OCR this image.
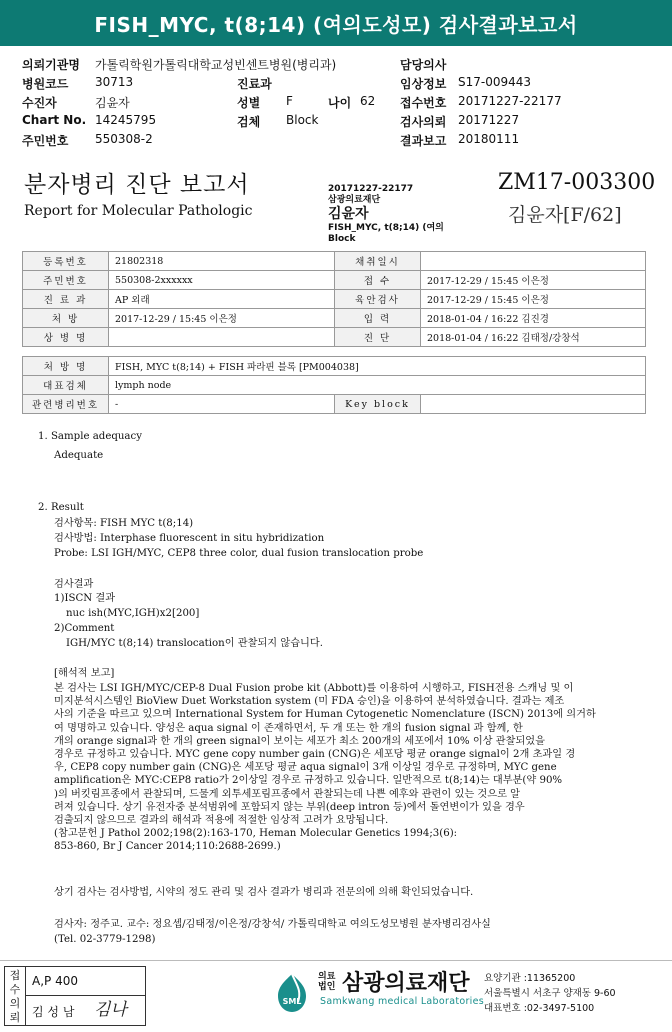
FISH_MYC, t(8;14) (여의도성모) 검사결과보고서
의뢰기관명 가톨릭학원가톨릭대학교성빈센트병원(병리과)	담당의사
병원코드 30713	진료과	임상정보 S17-009443
수진자	김윤자	성별 F	나이 62 접수번호 20171227-22177
Chart No. 14245795	검체 Block	검사의뢰 20171227
주민번호 550308-2	결과보고 20180111
분자병리 진단 보고서
Report for Molecular Pathologic
20171227-22177
삼광의료재단
김윤자
FISH_MYC, t(8;14) (여의
Block
ZM17-003300
김윤자[F/62]
등록번호	21802318	채취일시	
주민번호	550308-2xxxxxx	접 수	2017-12-29 / 15:45 이은정
진 료 과	AP 외래	육안검사	2017-12-29 / 15:45 이은정
처 방	2017-12-29 / 15:45 이은정	입 력	2018-01-04 / 16:22 김진경
상 병 명		진 단	2018-01-04 / 16:22 김태정/강창석
처 방 명	FISH, MYC t(8;14) + FISH 파라핀 블록 [PM004038]		
대표검체	lymph node		
관련병리번호	-	Key block	
1. Sample adequacy
Adequate
2. Result
검사항목: FISH MYC t(8;14)
검사방법: Interphase fluorescent in situ hybridization
Probe: LSI IGH/MYC, CEP8 three color, dual fusion translocation probe
검사결과
1)ISCN 결과
nuc ish(MYC,IGH)x2[200]
2)Comment
IGH/MYC t(8;14) translocation이 관찰되지 않습니다.
[해석적 보고]
본 검사는 LSI IGH/MYC/CEP-8 Dual Fusion probe kit (Abbott)를 이용하여 시행하고, FISH전용 스캐닝 및 이
미지분석시스템인 BioView Duet Workstation system (미 FDA 승인)을 이용하여 분석하였습니다. 결과는 제조
사의 기준을 따르고 있으며 International System for Human Cytogenetic Nomenclature (ISCN) 2013에 의거하
여 명명하고 있습니다. 양성은 aqua signal 이 존재하면서, 두 개 또는 한 개의 fusion signal 과 함께, 한
개의 orange signal과 한 개의 green signal이 보이는 세포가 최소 200개의 세포에서 10% 이상 관찰되었을
경우로 규정하고 있습니다. MYC gene copy number gain (CNG)은 세포당 평균 orange signal이 2개 초과일 경
우, CEP8 copy number gain (CNG)은 세포당 평균 aqua signal이 3개 이상일 경우로 규정하며, MYC gene
amplification은 MYC:CEP8 ratio가 2이상일 경우로 규정하고 있습니다. 일반적으로 t(8;14)는 대부분(약 90%
)의 버킷림프종에서 관찰되며, 드물게 외투세포림프종에서 관찰되는데 나쁜 예후와 관련이 있는 것으로 알
려져 있습니다. 상기 유전자중 분석범위에 포함되지 않는 부위(deep intron 등)에서 돌연변이가 있을 경우
검출되지 않으므로 결과의 해석과 적용에 적절한 임상적 고려가 요망됩니다.
(참고문헌 J Pathol 2002;198(2):163-170, Heman Molecular Genetics 1994;3(6):
853-860, Br J Cancer 2014;110:2688-2699.)
상기 검사는 검사방법, 시약의 정도 관리 및 검사 결과가 병리과 전문의에 의해 확인되었습니다.
검사자: 정주교. 교수: 정요셉/김태정/이은정/강창석/ 가톨릭대학교 여의도성모병원 분자병리검사실
(Tel. 02-3779-1298)
접수의뢰
A,P 400
김 성 남 김나	SML
의료
법인 삼광의료재단
Samkwang medical Laboratories
요양기관 :11365200
서울특별시 서초구 양재동 9-60
대표번호 :02-3497-5100
